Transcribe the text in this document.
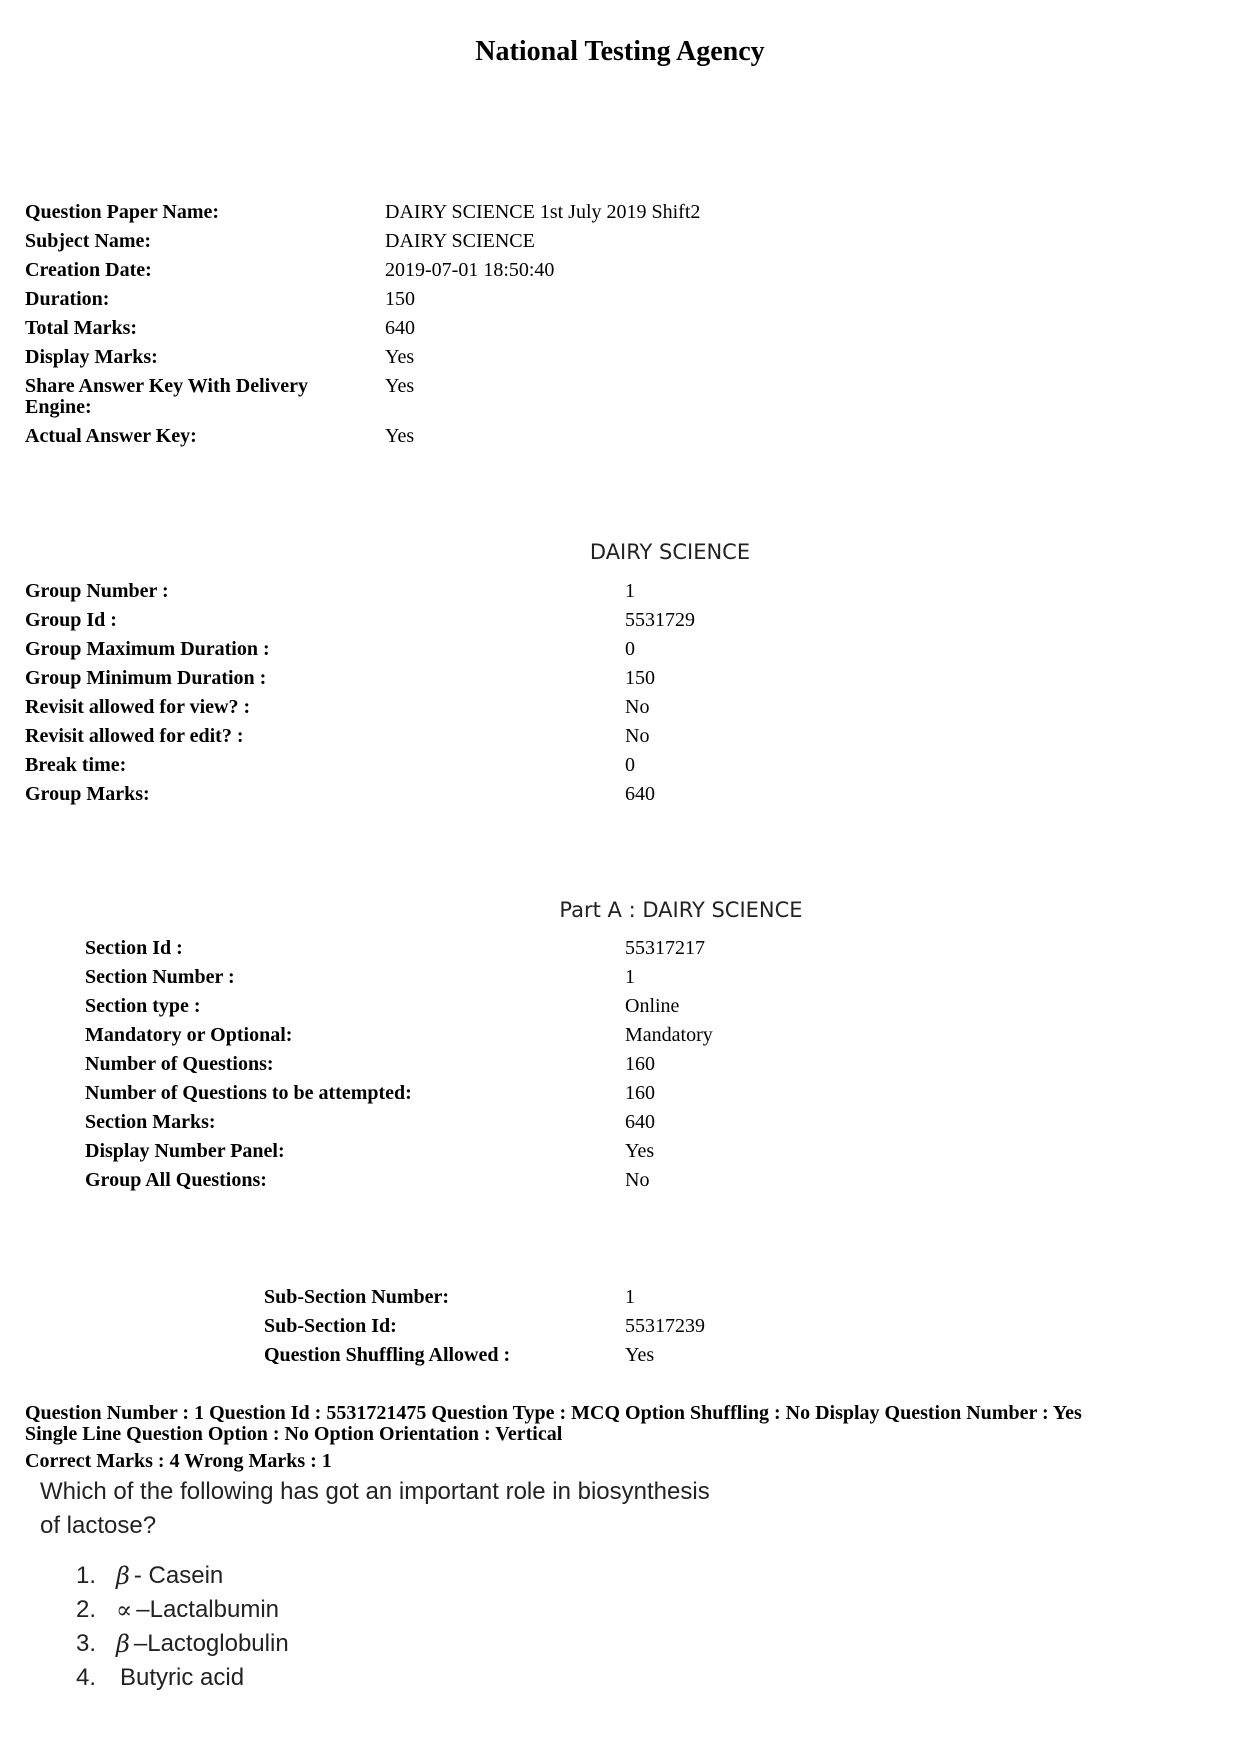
National Testing Agency
Question Paper Name:	DAIRY SCIENCE 1st July 2019 Shift2
Subject Name:	DAIRY SCIENCE
Creation Date:	2019-07-01 18:50:40
Duration:	150
Total Marks:	640
Display Marks:	Yes
Share Answer Key With Delivery Engine:
Yes
Actual Answer Key:	Yes
DAIRY SCIENCE
Group Number :	1
Group Id :	5531729
Group Maximum Duration :	0
Group Minimum Duration :	150
Revisit allowed for view? :	No
Revisit allowed for edit? :	No
Break time:	0
Group Marks:	640
Part A : DAIRY SCIENCE
Section Id :	55317217
Section Number :	1
Section type :	Online
Mandatory or Optional:	Mandatory
Number of Questions:	160
Number of Questions to be attempted:	160
Section Marks:	640
Display Number Panel:	Yes
Group All Questions:	No
Sub-Section Number:	1
Sub-Section Id:	55317239
Question Shuffling Allowed :	Yes
Question Number : 1 Question Id : 5531721475 Question Type : MCQ Option Shuffling : No Display Question Number : Yes
Single Line Question Option : No Option Orientation : Vertical
Correct Marks : 4 Wrong Marks : 1
Which of the following has got an important role in biosynthesis
of lactose?
1. β - Casein
2. ∝ –Lactalbumin
3. β –Lactoglobulin
4. Butyric acid
